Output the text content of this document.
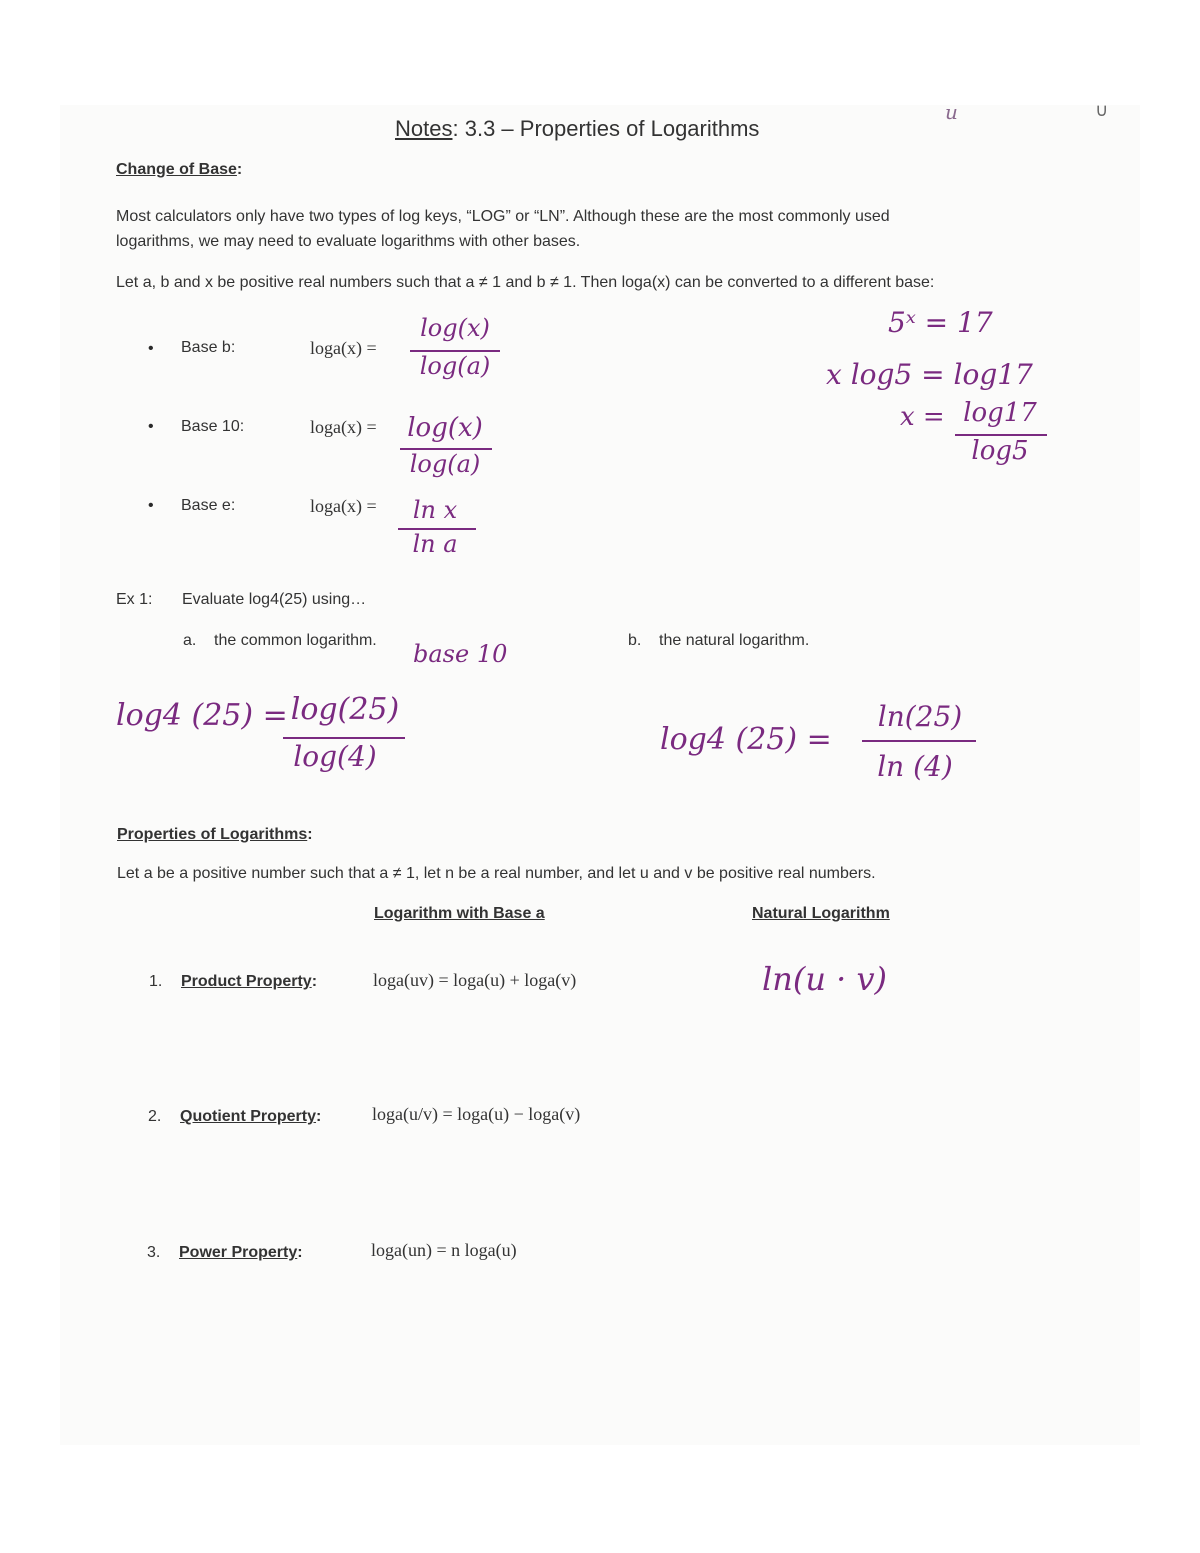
Notes: 3.3 – Properties of Logarithms
u	∪
Change of Base:
Most calculators only have two types of log keys, “LOG” or “LN”. Although these are the most commonly used
logarithms, we may need to evaluate logarithms with other bases.
Let a, b and x be positive real numbers such that a ≠ 1 and b ≠ 1. Then loga(x) can be converted to a different base:
• Base b:	loga(x) =
log(x)
log(a)
• Base 10:	loga(x) =	log(x)
log(a)
• Base e:	loga(x) =	ln x
ln a
5ˣ = 17
x log5 = log17
x = log17
log5
Ex 1: Evaluate log4(25) using…
a. the common logarithm. base 10	b. the natural logarithm.
log4 (25) = log(25)
log(4)	log4 (25) =
ln(25)
ln (4)
Properties of Logarithms:
Let a be a positive number such that a ≠ 1, let n be a real number, and let u and v be positive real numbers.
Logarithm with Base a	Natural Logarithm
1. Product Property:	loga(uv) = loga(u) + loga(v)	ln(u · v)
2. Quotient Property:	loga(u/v) = loga(u) − loga(v)
3. Power Property:	loga(un) = n loga(u)
